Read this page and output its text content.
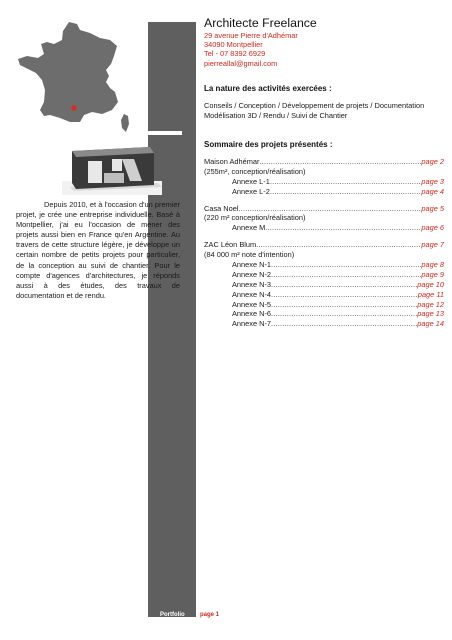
Depuis 2010, et à l'occasion d'un premier projet, je crée une entreprise individuelle. Basé à Montpellier, j'ai eu l'occasion de mener des projets aussi bien en France qu'en Argentine. Au travers de cette structure légère, je développe un certain nombre de petits projets pour particulier, de la conception au suivi de chantier. Pour le compte d'agences d'architectures, je réponds aussi à des études, des travaux de documentation et de rendu.

Architecte Freelance

29 avenue Pierre d'Adhémar

34090 Montpellier

Tel - 07 8392 6929

pierreallal@gmail.com

La nature des activités exercées :

Conseils / Conception / Développement de projets / Documentation

Modélisation 3D / Rendu / Suivi de Chantier

Sommaire des projets présentés :

Maison Adhémar .....	page 2
(255m², conception/réalisation)
Annexe L-1 .....	page 3
Annexe L-2 .....	page 4
Casa Noel .....	page 5
(220 m² conception/réalisation)
Annexe M .....	page 6
ZAC Léon Blum .....	page 7
(84 000 m² note d'intention)
Annexe N-1 .....	page 8
Annexe N-2 .....	page 9
Annexe N-3 .....	page 10
Annexe N-4 .....	page 11
Annexe N-5 .....	page 12
Annexe N-6 .....	page 13
Annexe N-7 .....	page 14
Portfolio	page 1
